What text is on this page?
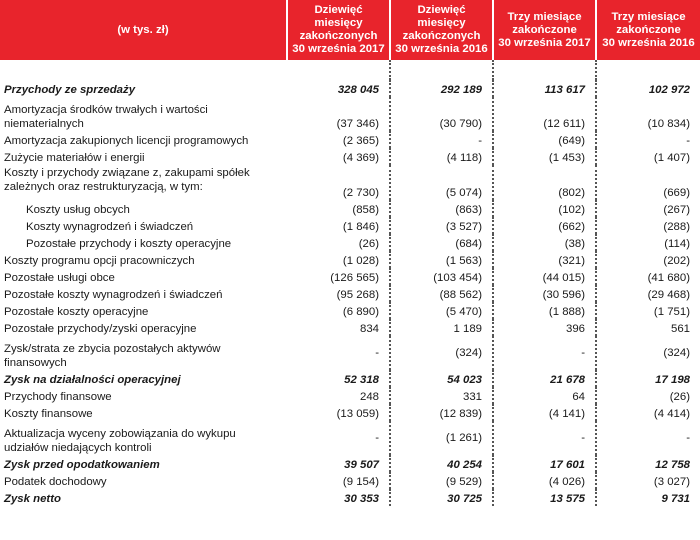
(w tys. zł)	Dziewięć
miesięcy
zakończonych
30 września 2017	Dziewięć
miesięcy
zakończonych
30 września 2016	Trzy miesiące
zakończone
30 września 2017	Trzy miesiące
zakończone
30 września 2016

Przychody ze sprzedaży	328 045	292 189	113 617	102 972
Amortyzacja środków trwałych i wartości niematerialnych	(37 346)	(30 790)	(12 611)	(10 834)
Amortyzacja zakupionych licencji programowych	(2 365)	-	(649)	-
Zużycie materiałów i energii	(4 369)	(4 118)	(1 453)	(1 407)
Koszty i przychody związane z, zakupami spółek zależnych oraz restrukturyzacją, w tym:	(2 730)	(5 074)	(802)	(669)
Koszty usług obcych	(858)	(863)	(102)	(267)
Koszty wynagrodzeń i świadczeń	(1 846)	(3 527)	(662)	(288)
Pozostałe przychody i koszty operacyjne	(26)	(684)	(38)	(114)
Koszty programu opcji pracowniczych	(1 028)	(1 563)	(321)	(202)
Pozostałe usługi obce	(126 565)	(103 454)	(44 015)	(41 680)
Pozostałe koszty wynagrodzeń i świadczeń	(95 268)	(88 562)	(30 596)	(29 468)
Pozostałe koszty operacyjne	(6 890)	(5 470)	(1 888)	(1 751)
Pozostałe przychody/zyski operacyjne	834	1 189	396	561
Zysk/strata ze zbycia pozostałych aktywów finansowych	-	(324)	-	(324)
Zysk na działalności operacyjnej	52 318	54 023	21 678	17 198
Przychody finansowe	248	331	64	(26)
Koszty finansowe	(13 059)	(12 839)	(4 141)	(4 414)
Aktualizacja wyceny zobowiązania do wykupu udziałów niedających kontroli	-	(1 261)	-	-
Zysk przed opodatkowaniem	39 507	40 254	17 601	12 758
Podatek dochodowy	(9 154)	(9 529)	(4 026)	(3 027)
Zysk netto	30 353	30 725	13 575	9 731
